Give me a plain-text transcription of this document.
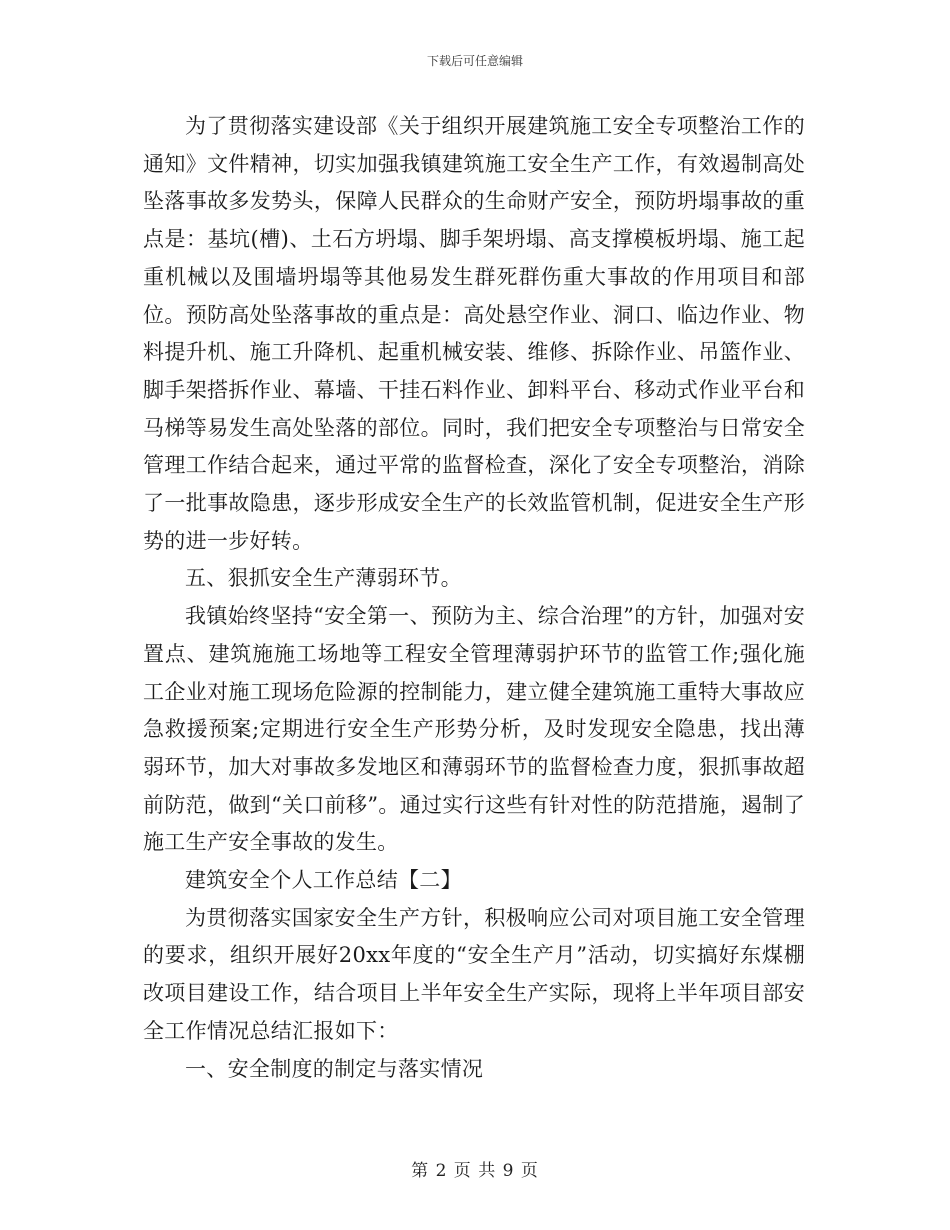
下载后可任意编辑

为了贯彻落实建设部《关于组织开展建筑施工安全专项整治工作的通知》文件精神，切实加强我镇建筑施工安全生产工作，有效遏制高处坠落事故多发势头，保障人民群众的生命财产安全，预防坍塌事故的重点是：基坑(槽)、土石方坍塌、脚手架坍塌、高支撑模板坍塌、施工起重机械以及围墙坍塌等其他易发生群死群伤重大事故的作用项目和部位。预防高处坠落事故的重点是：高处悬空作业、洞口、临边作业、物料提升机、施工升降机、起重机械安装、维修、拆除作业、吊篮作业、脚手架搭拆作业、幕墙、干挂石料作业、卸料平台、移动式作业平台和马梯等易发生高处坠落的部位。同时，我们把安全专项整治与日常安全管理工作结合起来，通过平常的监督检查，深化了安全专项整治，消除了一批事故隐患，逐步形成安全生产的长效监管机制，促进安全生产形势的进一步好转。

五、狠抓安全生产薄弱环节。

我镇始终坚持“安全第一、预防为主、综合治理”的方针，加强对安置点、建筑施施工场地等工程安全管理薄弱护环节的监管工作;强化施工企业对施工现场危险源的控制能力，建立健全建筑施工重特大事故应急救援预案;定期进行安全生产形势分析，及时发现安全隐患，找出薄弱环节，加大对事故多发地区和薄弱环节的监督检查力度，狠抓事故超前防范，做到“关口前移”。通过实行这些有针对性的防范措施，遏制了施工生产安全事故的发生。

建筑安全个人工作总结【二】

为贯彻落实国家安全生产方针，积极响应公司对项目施工安全管理的要求，组织开展好20xx年度的“安全生产月”活动，切实搞好东煤棚改项目建设工作，结合项目上半年安全生产实际，现将上半年项目部安全工作情况总结汇报如下：

一、安全制度的制定与落实情况

第 2 页 共 9 页
